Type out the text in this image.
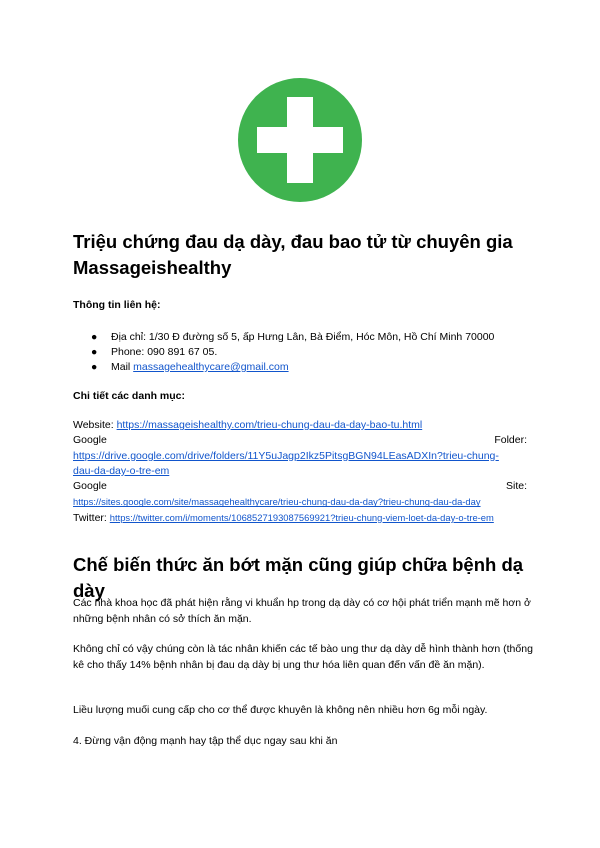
Triệu chứng đau dạ dày, đau bao tử từ chuyên gia Massageishealthy
Thông tin liên hệ:
● Địa chỉ: 1/30 Đ đường số 5, ấp Hưng Lân, Bà Điểm, Hóc Môn, Hồ Chí Minh 70000
● Phone: 090 891 67 05.
● Mail massagehealthycare@gmail.com
Chi tiết các danh mục:
Website: https://massageishealthy.com/trieu-chung-dau-da-day-bao-tu.html
Google	Folder:
https://drive.google.com/drive/folders/11Y5uJagp2Ikz5PitsgBGN94LEasADXIn?trieu-chung-
dau-da-day-o-tre-em
Google	Site:
https://sites.google.com/site/massagehealthycare/trieu-chung-dau-da-day?trieu-chung-dau-da-day
Twitter: https://twitter.com/i/moments/1068527193087569921?trieu-chung-viem-loet-da-day-o-tre-em
Chế biến thức ăn bớt mặn cũng giúp chữa bệnh dạ dày

Các nhà khoa học đã phát hiện rằng vi khuẩn hp trong dạ dày có cơ hội phát triển mạnh mẽ hơn ở những bệnh nhân có sở thích ăn mặn.

Không chỉ có vậy chúng còn là tác nhân khiến các tế bào ung thư dạ dày dễ hình thành hơn (thống kê cho thấy 14% bệnh nhân bị đau dạ dày bị ung thư hóa liên quan đến vấn đề ăn mặn).

Liều lượng muối cung cấp cho cơ thể được khuyên là không nên nhiều hơn 6g mỗi ngày.

4. Đừng vận động mạnh hay tập thể dục ngay sau khi ăn
